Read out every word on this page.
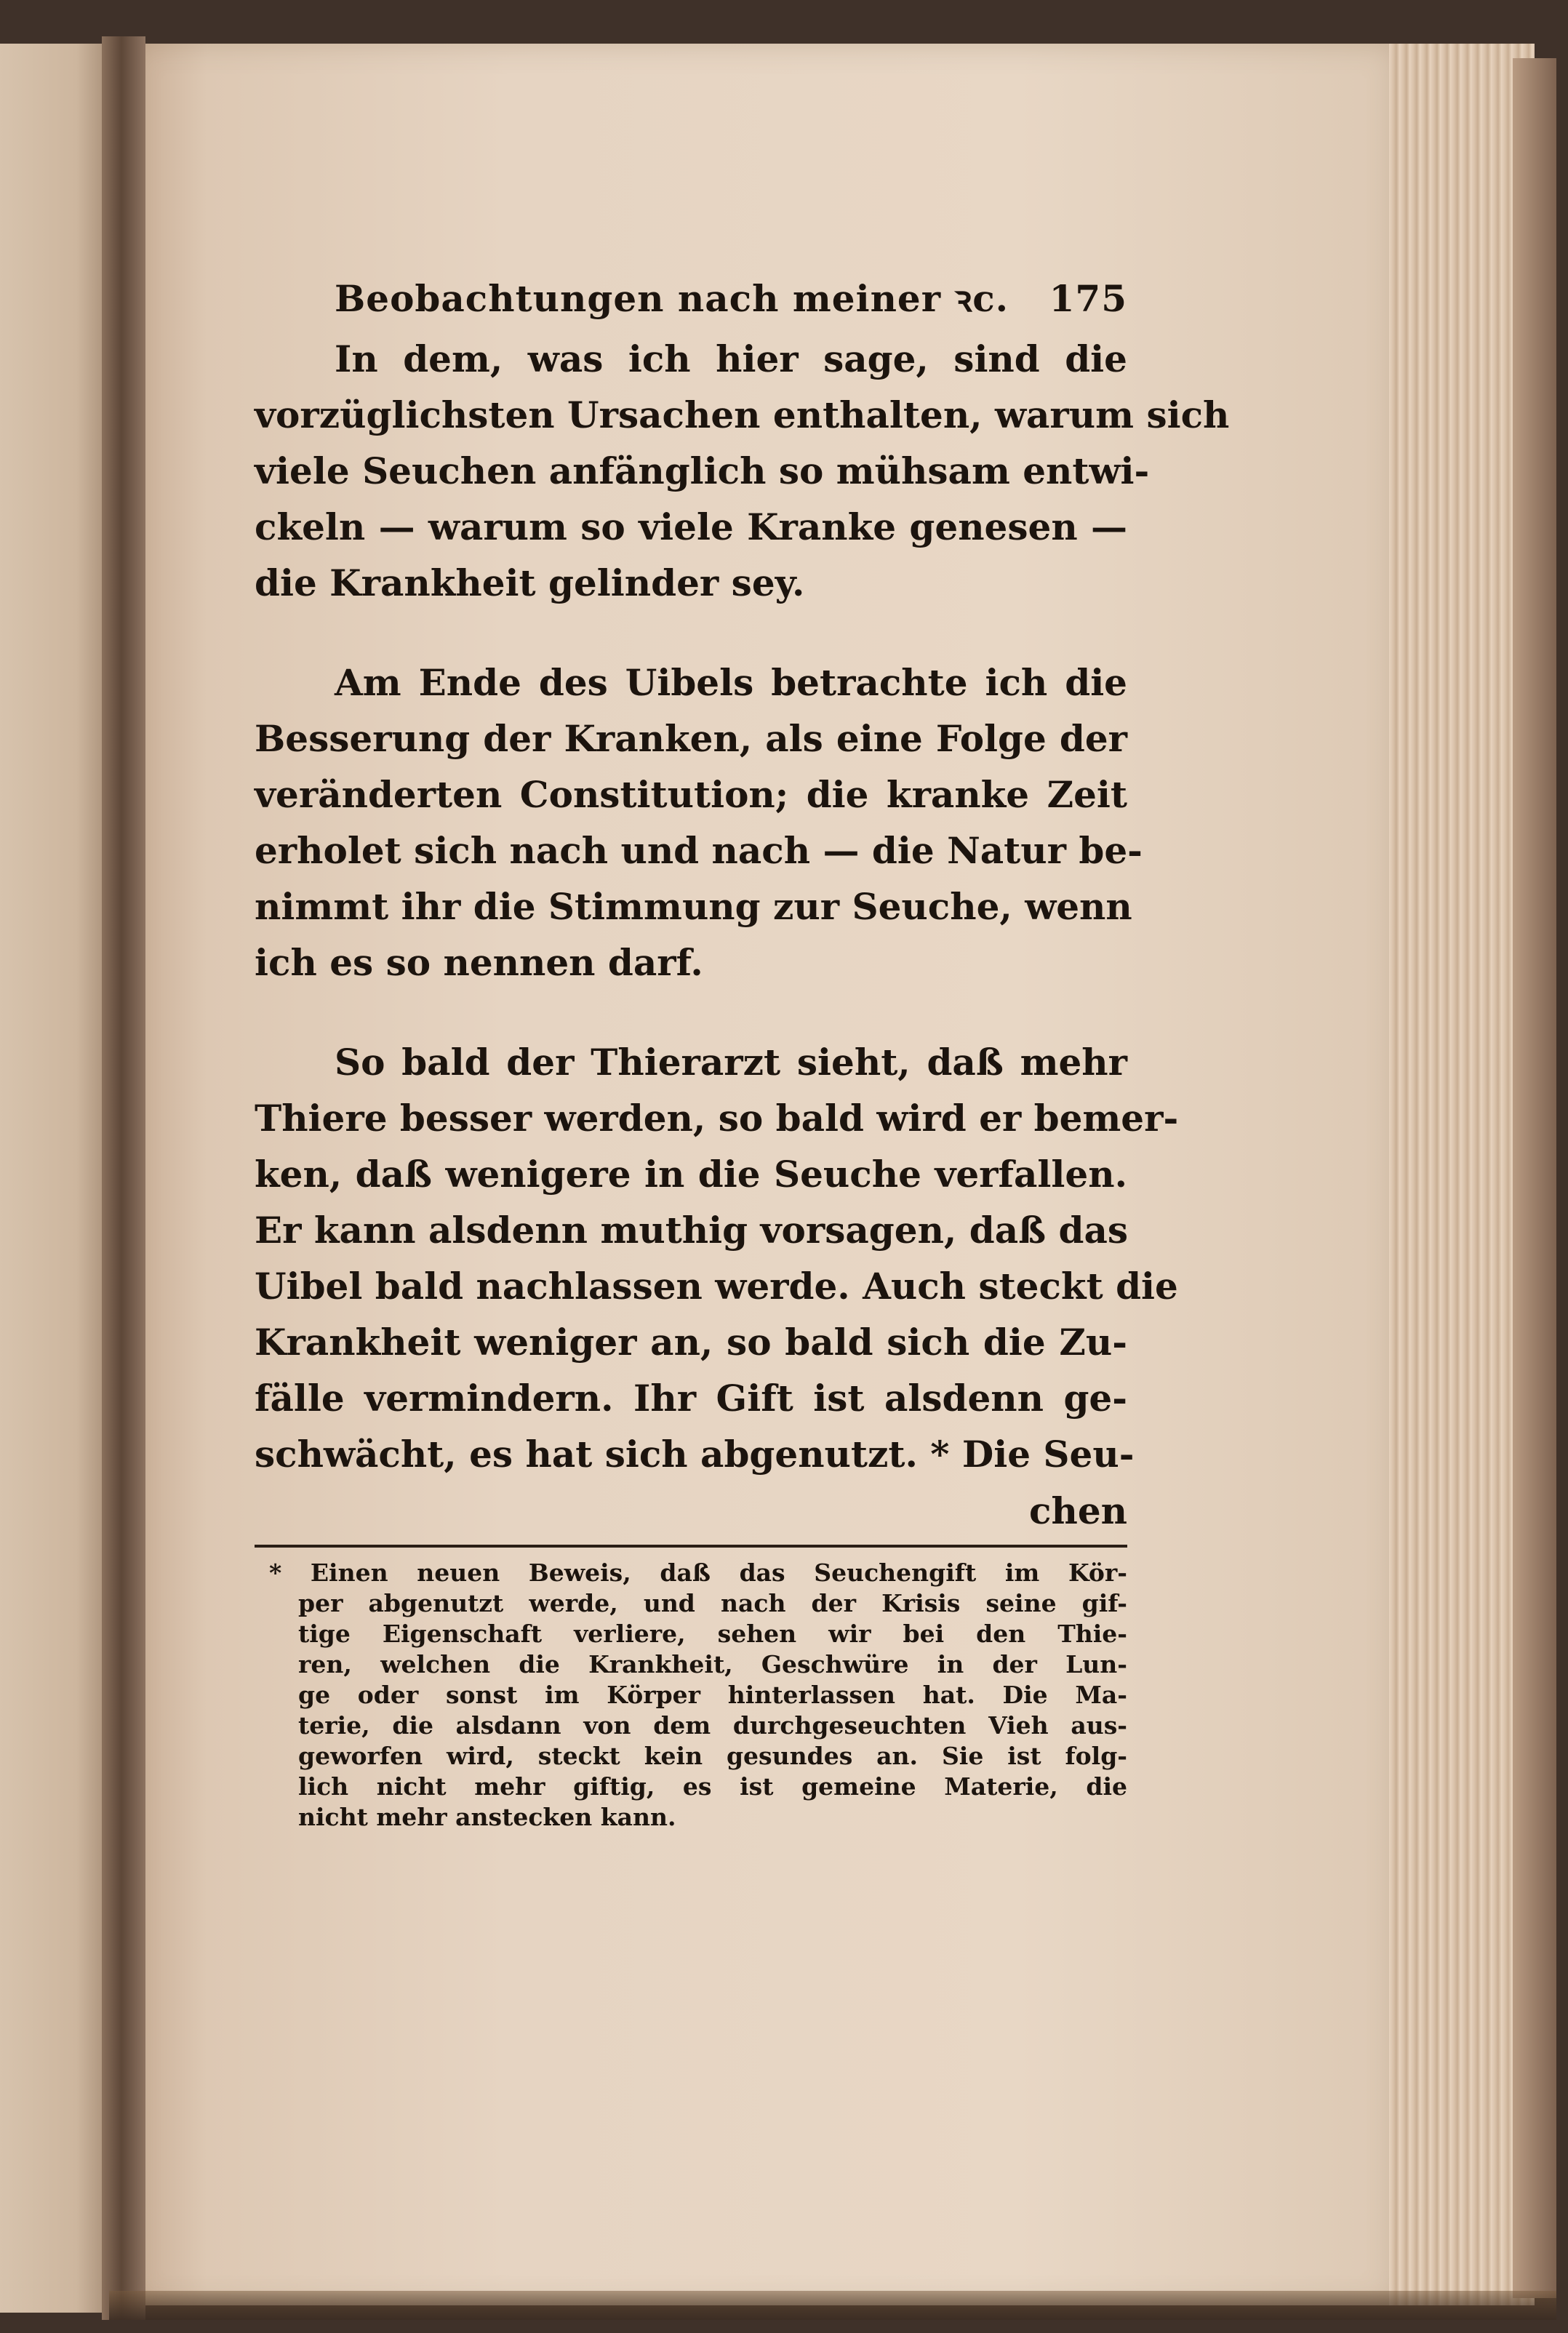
Beobachtungen nach meiner ꝛc. 175

In dem, was ich hier sage, sind die
vorzüglichsten Ursachen enthalten, warum sich
viele Seuchen anfänglich so mühsam entwi-
ckeln — warum so viele Kranke genesen —
die Krankheit gelinder sey.

Am Ende des Uibels betrachte ich die
Besserung der Kranken, als eine Folge der
veränderten Constitution; die kranke Zeit
erholet sich nach und nach — die Natur be-
nimmt ihr die Stimmung zur Seuche, wenn
ich es so nennen darf.

So bald der Thierarzt sieht, daß mehr
Thiere besser werden, so bald wird er bemer-
ken, daß wenigere in die Seuche verfallen.
Er kann alsdenn muthig vorsagen, daß das
Uibel bald nachlassen werde. Auch steckt die
Krankheit weniger an, so bald sich die Zu-
fälle vermindern. Ihr Gift ist alsdenn ge-
schwächt, es hat sich abgenutzt. * Die Seu-

chen
* Einen neuen Beweis, daß das Seuchengift im Kör-
per abgenutzt werde, und nach der Krisis seine gif-
tige Eigenschaft verliere, sehen wir bei den Thie-
ren, welchen die Krankheit, Geschwüre in der Lun-
ge oder sonst im Körper hinterlassen hat. Die Ma-
terie, die alsdann von dem durchgeseuchten Vieh aus-
geworfen wird, steckt kein gesundes an. Sie ist folg-
lich nicht mehr giftig, es ist gemeine Materie, die
nicht mehr anstecken kann.
